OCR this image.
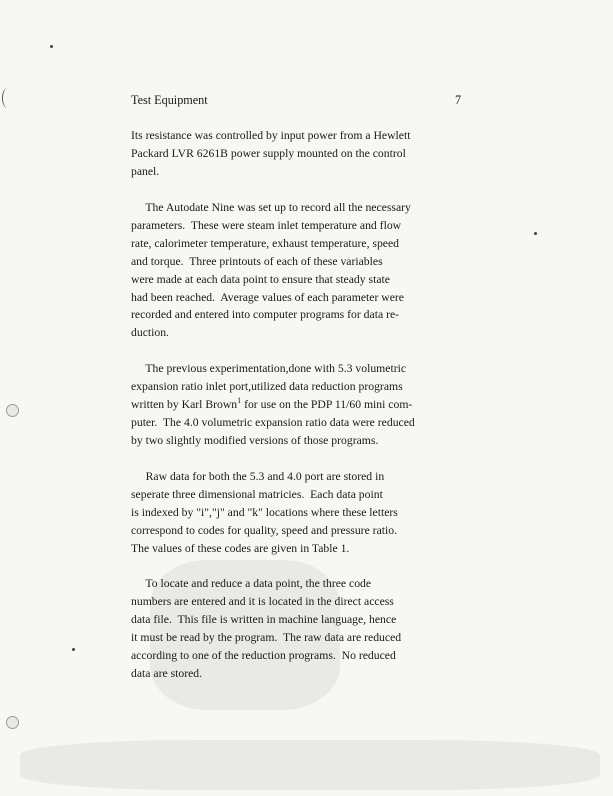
Test Equipment	7
Its resistance was controlled by input power from a Hewlett
Packard LVR 6261B power supply mounted on the control
panel.
The Autodate Nine was set up to record all the necessary
parameters.  These were steam inlet temperature and flow
rate, calorimeter temperature, exhaust temperature, speed
and torque.  Three printouts of each of these variables
were made at each data point to ensure that steady state
had been reached.  Average values of each parameter were
recorded and entered into computer programs for data re-
duction.
The previous experimentation,done with 5.3 volumetric
expansion ratio inlet port,utilized data reduction programs
written by Karl Brown$^1$ for use on the PDP 11/60 mini com-
puter.  The 4.0 volumetric expansion ratio data were reduced
by two slightly modified versions of those programs.
Raw data for both the 5.3 and 4.0 port are stored in
seperate three dimensional matricies.  Each data point
is indexed by "i","j" and "k" locations where these letters
correspond to codes for quality, speed and pressure ratio.
The values of these codes are given in Table 1.
To locate and reduce a data point, the three code
numbers are entered and it is located in the direct access
data file.  This file is written in machine language, hence
it must be read by the program.  The raw data are reduced
according to one of the reduction programs.  No reduced
data are stored.
